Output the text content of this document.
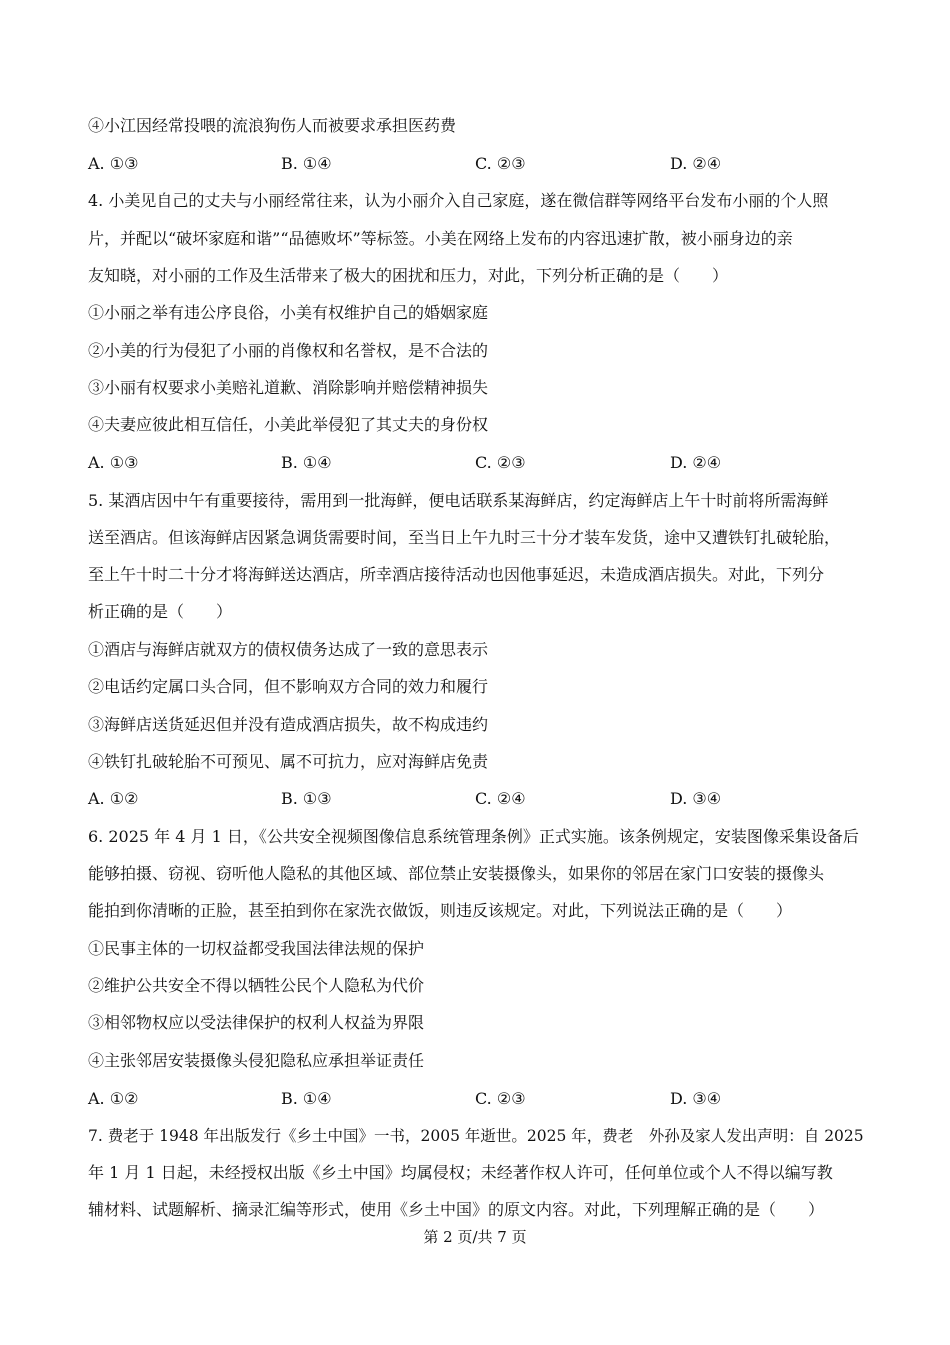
④小江因经常投喂的流浪狗伤人而被要求承担医药费
A. ①③	B. ①④	C. ②③	D. ②④
4. 小美见自己的丈夫与小丽经常往来，认为小丽介入自己家庭，遂在微信群等网络平台发布小丽的个人照
片，并配以“破坏家庭和谐”“品德败坏”等标签。小美在网络上发布的内容迅速扩散，被小丽身边的亲
友知晓，对小丽的工作及生活带来了极大的困扰和压力，对此，下列分析正确的是（　　）
①小丽之举有违公序良俗，小美有权维护自己的婚姻家庭
②小美的行为侵犯了小丽的肖像权和名誉权，是不合法的
③小丽有权要求小美赔礼道歉、消除影响并赔偿精神损失
④夫妻应彼此相互信任，小美此举侵犯了其丈夫的身份权
A. ①③	B. ①④	C. ②③	D. ②④
5. 某酒店因中午有重要接待，需用到一批海鲜，便电话联系某海鲜店，约定海鲜店上午十时前将所需海鲜
送至酒店。但该海鲜店因紧急调货需要时间，至当日上午九时三十分才装车发货，途中又遭铁钉扎破轮胎，
至上午十时二十分才将海鲜送达酒店，所幸酒店接待活动也因他事延迟，未造成酒店损失。对此，下列分
析正确的是（　　）
①酒店与海鲜店就双方的债权债务达成了一致的意思表示
②电话约定属口头合同，但不影响双方合同的效力和履行
③海鲜店送货延迟但并没有造成酒店损失，故不构成违约
④铁钉扎破轮胎不可预见、属不可抗力，应对海鲜店免责
A. ①②	B. ①③	C. ②④	D. ③④
6. 2025 年 4 月 1 日，《公共安全视频图像信息系统管理条例》正式实施。该条例规定，安装图像采集设备后
能够拍摄、窃视、窃听他人隐私的其他区域、部位禁止安装摄像头，如果你的邻居在家门口安装的摄像头
能拍到你清晰的正脸，甚至拍到你在家洗衣做饭，则违反该规定。对此，下列说法正确的是（　　）
①民事主体的一切权益都受我国法律法规的保护
②维护公共安全不得以牺牲公民个人隐私为代价
③相邻物权应以受法律保护的权利人权益为界限
④主张邻居安装摄像头侵犯隐私应承担举证责任
A. ①②	B. ①④	C. ②③	D. ③④
7. 费老于 1948 年出版发行《乡土中国》一书，2005 年逝世。2025 年，费老　外孙及家人发出声明：自 2025
年 1 月 1 日起，未经授权出版《乡土中国》均属侵权；未经著作权人许可，任何单位或个人不得以编写教
辅材料、试题解析、摘录汇编等形式，使用《乡土中国》的原文内容。对此，下列理解正确的是（　　）
第 2 页/共 7 页
